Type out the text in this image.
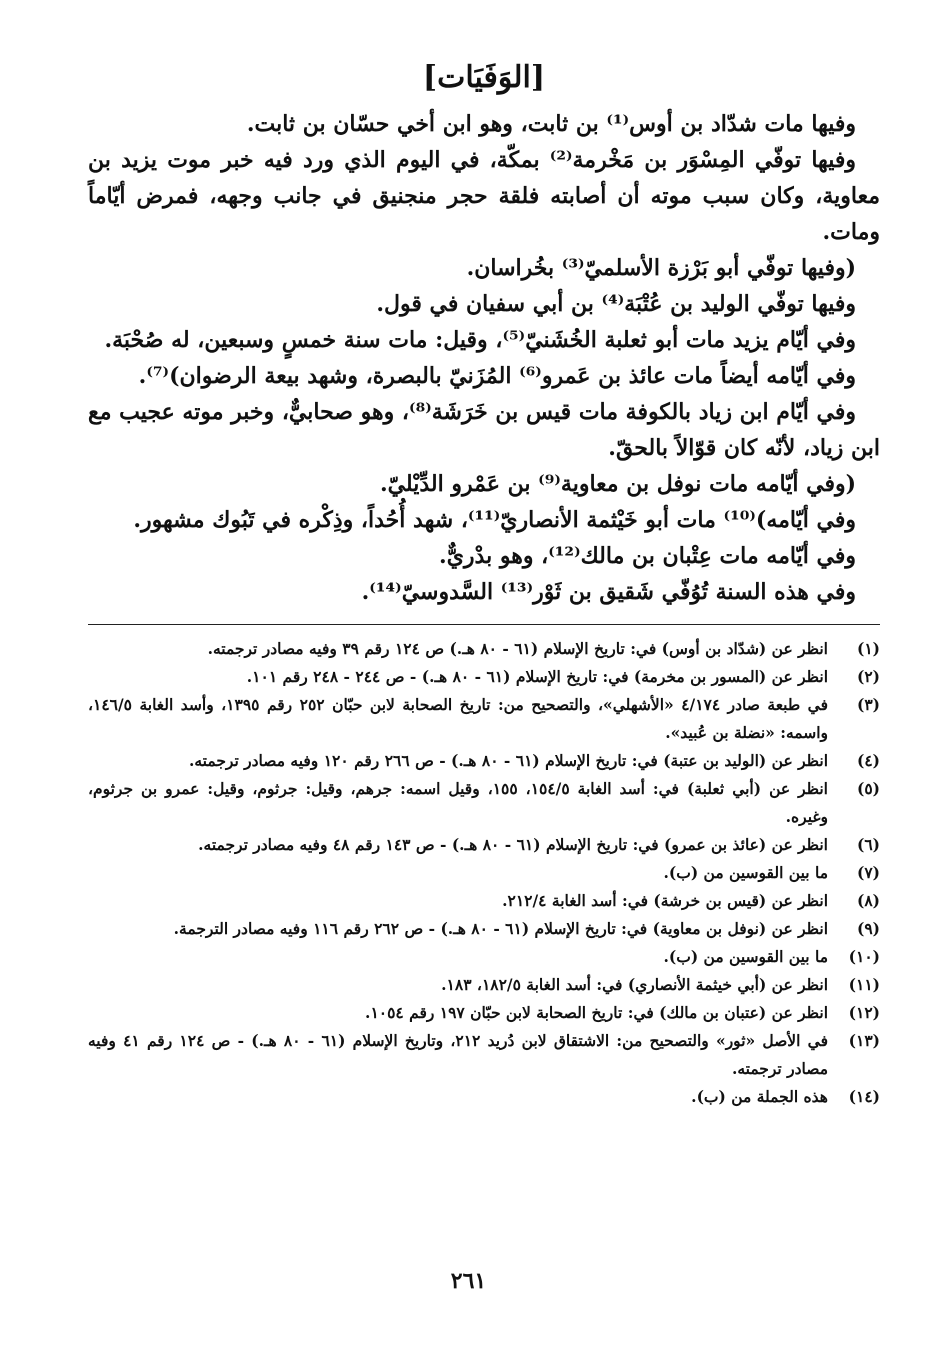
[الوَفَيَات]

وفيها مات شدّاد بن أوس⁽¹⁾ بن ثابت، وهو ابن أخي حسّان بن ثابت.

وفيها توفّي المِسْوَر بن مَخْرمة⁽²⁾ بمكّة، في اليوم الذي ورد فيه خبر موت يزيد بن معاوية، وكان سبب موته أن أصابته فلقة حجر منجنيق في جانب وجهه، فمرض أيّاماً ومات.

(وفيها توفّي أبو بَرْزة الأسلميّ⁽³⁾ بخُراسان.

وفيها توفّي الوليد بن عُتْبَة⁽⁴⁾ بن أبي سفيان في قول.

وفي أيّام يزيد مات أبو ثعلبة الخُشَنيّ⁽⁵⁾، وقيل: مات سنة خمسٍ وسبعين، له صُحْبَة.

وفي أيّامه أيضاً مات عائذ بن عَمرو⁽⁶⁾ المُزَنيّ بالبصرة، وشهد بيعة الرضوان)⁽⁷⁾.

وفي أيّام ابن زياد بالكوفة مات قيس بن خَرَشَة⁽⁸⁾، وهو صحابيٌّ، وخبر موته عجيب مع ابن زياد، لأنّه كان قوّالاً بالحقّ.

(وفي أيّامه مات نوفل بن معاوية⁽⁹⁾ بن عَمْرو الدِّيْليّ.

وفي أيّامه)⁽¹⁰⁾ مات أبو خَيْثمة الأنصاريّ⁽¹¹⁾، شهد أُحُداً، وذِكْره في تَبُوك مشهور.

وفي أيّامه مات عِتْبان بن مالك⁽¹²⁾، وهو بدْريٌّ.

وفي هذه السنة تُوُفّي شَقيق بن ثَوْر⁽¹³⁾ السَّدوسيّ⁽¹⁴⁾.

(١)
انظر عن (شدّاد بن أوس) في: تاريخ الإسلام (٦١ - ٨٠ هـ.) ص ١٢٤ رقم ٣٩ وفيه مصادر ترجمته.
(٢)
انظر عن (المسور بن مخرمة) في: تاريخ الإسلام (٦١ - ٨٠ هـ.) - ص ٢٤٤ - ٢٤٨ رقم ١٠١.
(٣)
في طبعة صادر ٤/١٧٤ «الأشهلي»، والتصحيح من: تاريخ الصحابة لابن حبّان ٢٥٢ رقم ١٣٩٥، وأسد الغابة ١٤٦/٥، واسمه: «نضلة بن عُبيد».
(٤)
انظر عن (الوليد بن عتبة) في: تاريخ الإسلام (٦١ - ٨٠ هـ.) - ص ٢٦٦ رقم ١٢٠ وفيه مصادر ترجمته.
(٥)
انظر عن (أبي ثعلبة) في: أسد الغابة ١٥٤/٥، ١٥٥، وقيل اسمه: جرهم، وقيل: جرثوم، وقيل: عمرو بن جرثوم، وغيره.
(٦)
انظر عن (عائذ بن عمرو) في: تاريخ الإسلام (٦١ - ٨٠ هـ.) - ص ١٤٣ رقم ٤٨ وفيه مصادر ترجمته.
(٧)
ما بين القوسين من (ب).
(٨)
انظر عن (قيس بن خرشة) في: أسد الغابة ٢١٢/٤.
(٩)
انظر عن (نوفل بن معاوية) في: تاريخ الإسلام (٦١ - ٨٠ هـ.) - ص ٢٦٢ رقم ١١٦ وفيه مصادر الترجمة.
(١٠)
ما بين القوسين من (ب).
(١١)
انظر عن (أبي خيثمة الأنصاري) في: أسد الغابة ١٨٢/٥، ١٨٣.
(١٢)
انظر عن (عتبان بن مالك) في: تاريخ الصحابة لابن حبّان ١٩٧ رقم ١٠٥٤.
(١٣)
في الأصل «ثور» والتصحيح من: الاشتقاق لابن دُريد ٢١٢، وتاريخ الإسلام (٦١ - ٨٠ هـ.) - ص ١٢٤ رقم ٤١ وفيه مصادر ترجمته.
(١٤)
هذه الجملة من (ب).
٢٦١
